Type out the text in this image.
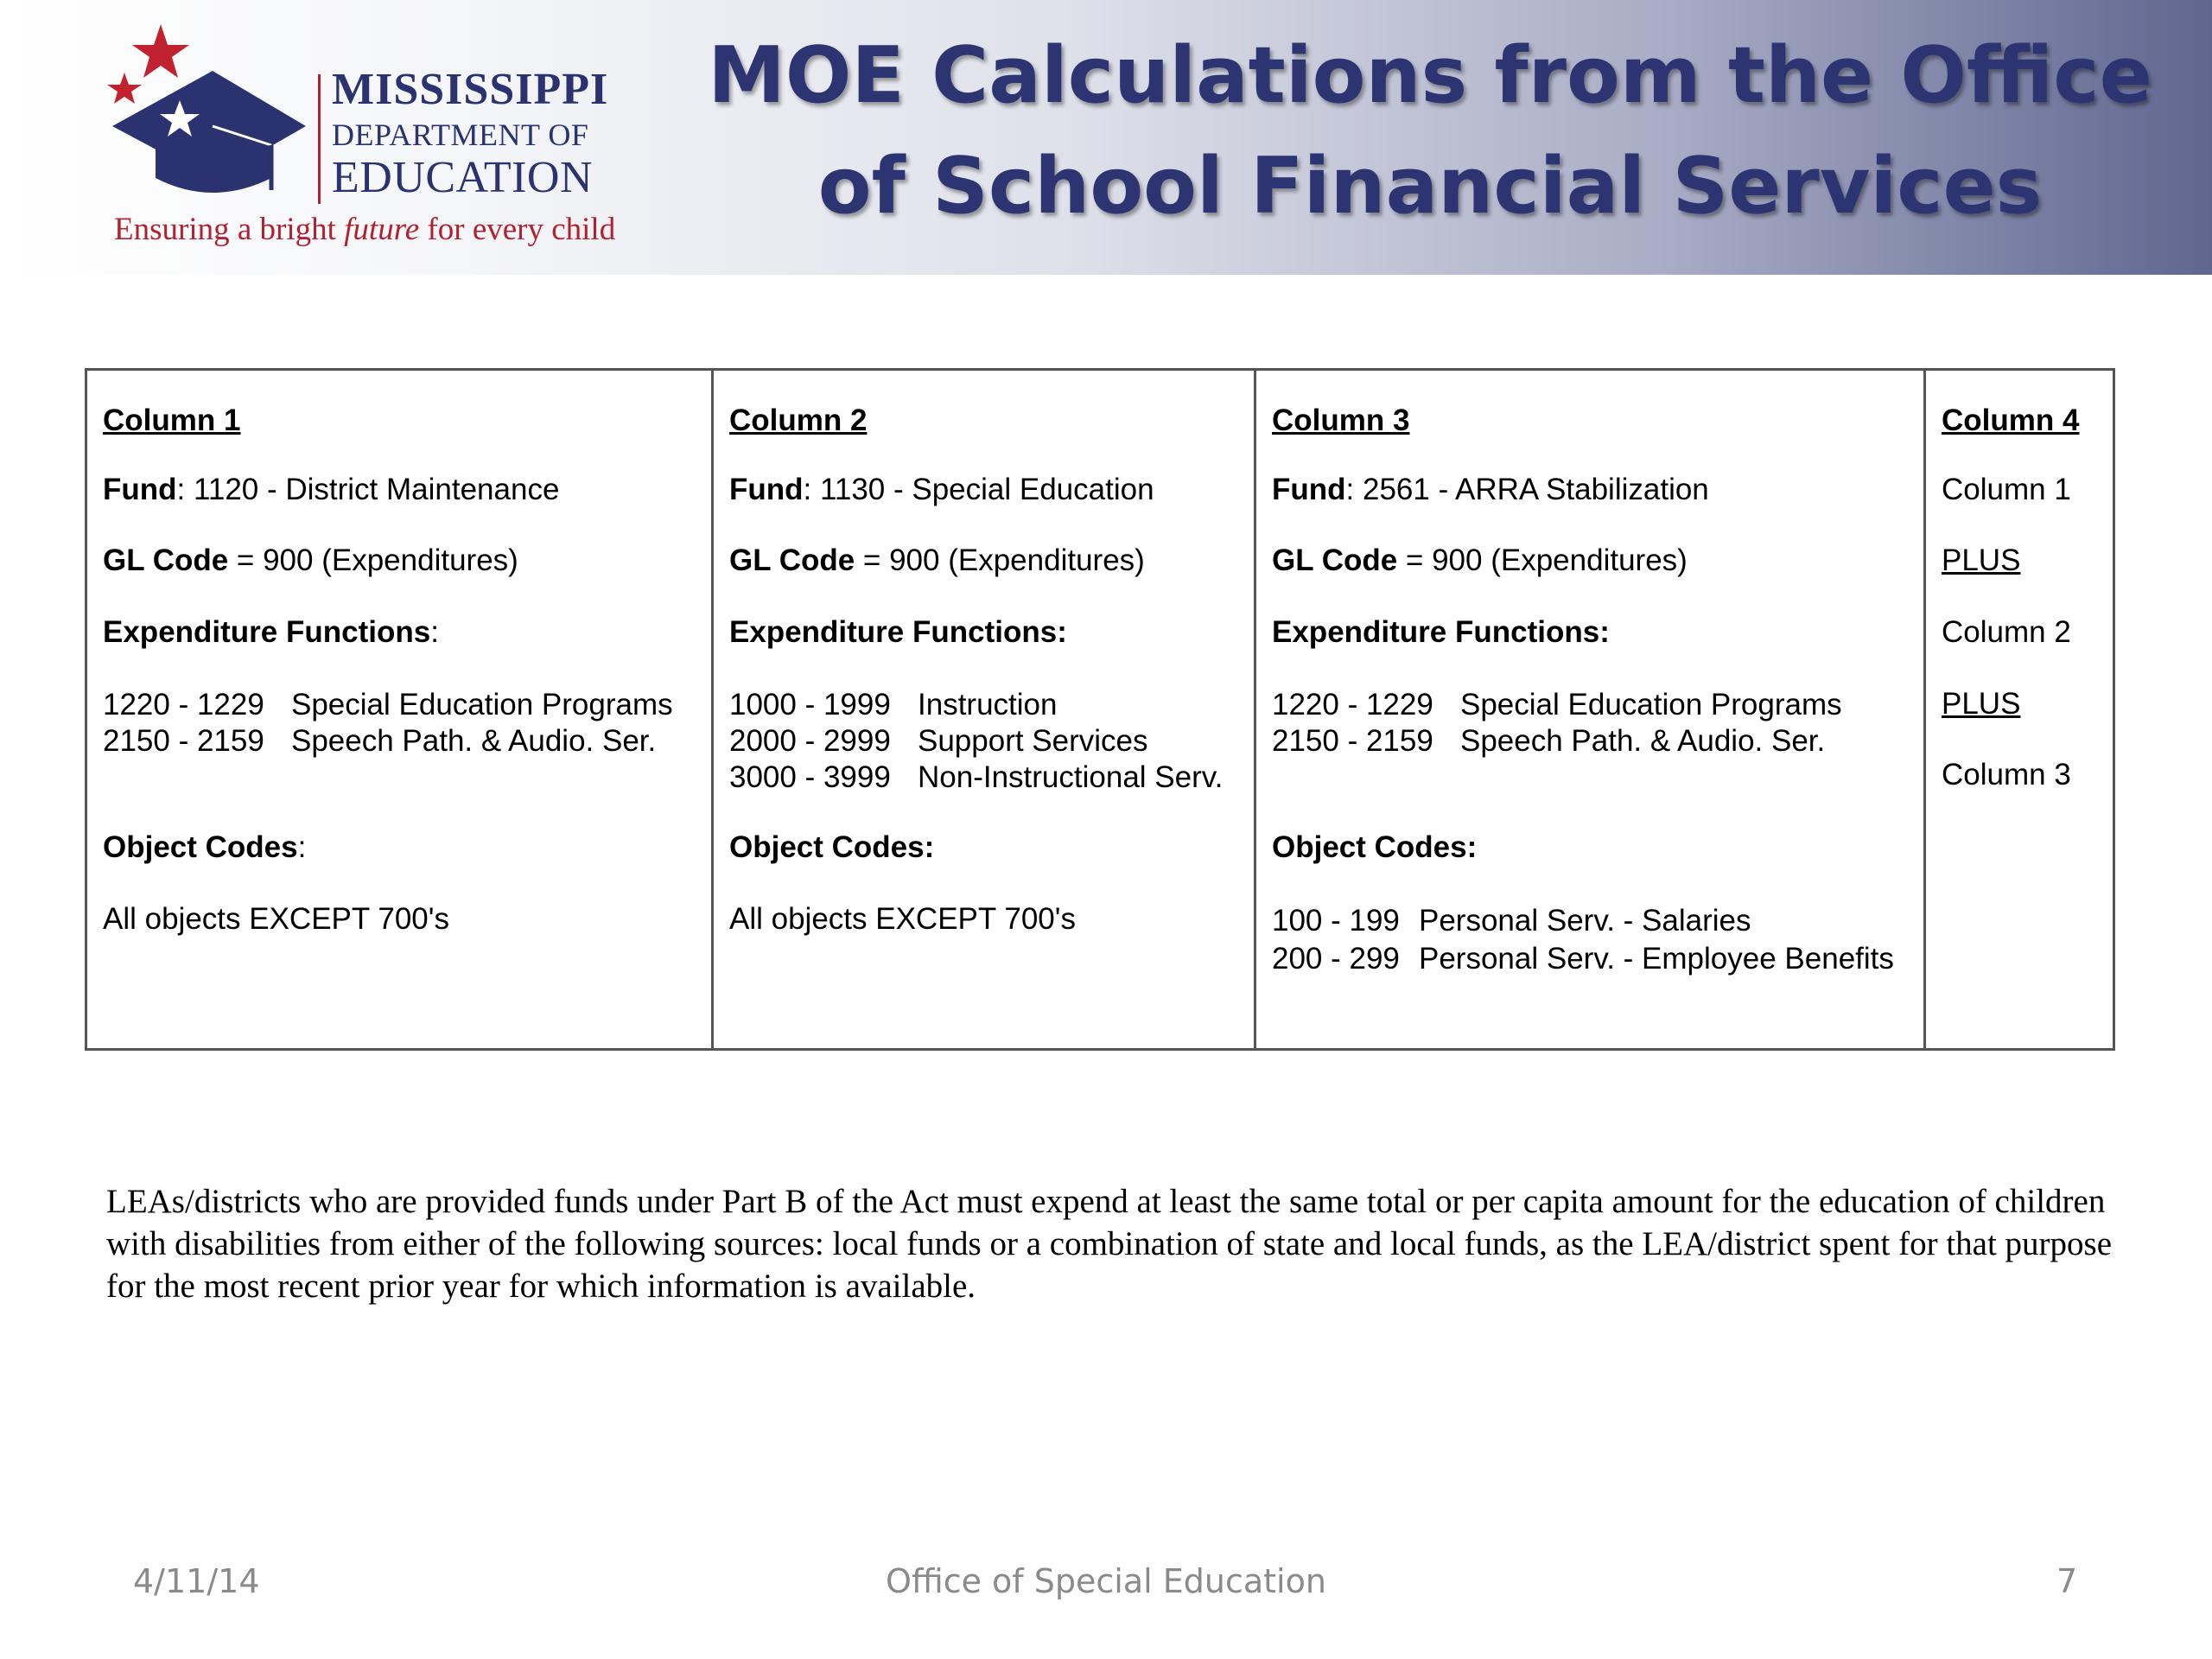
MISSISSIPPI
DEPARTMENT OF
EDUCATION
Ensuring a bright future for every child
MOE Calculations from the Office
of School Financial Services
Column 1
Fund: 1120 - District Maintenance
GL Code = 900 (Expenditures)
Expenditure Functions:
1220 - 1229 Special Education Programs
2150 - 2159 Speech Path. & Audio. Ser.
Object Codes:
All objects EXCEPT 700's
Column 2
Fund: 1130 - Special Education
GL Code = 900 (Expenditures)
Expenditure Functions:
1000 - 1999 Instruction
2000 - 2999 Support Services
3000 - 3999 Non-Instructional Serv.
Object Codes:
All objects EXCEPT 700's
Column 3
Fund: 2561 - ARRA Stabilization
GL Code = 900 (Expenditures)
Expenditure Functions:
1220 - 1229 Special Education Programs
2150 - 2159 Speech Path. & Audio. Ser.
Object Codes:
100 - 199 Personal Serv. - Salaries
200 - 299 Personal Serv. - Employee Benefits
Column 4
Column 1
PLUS
Column 2
PLUS
Column 3
LEAs/districts who are provided funds under Part B of the Act must expend at least the same total or per capita amount for the education of children with disabilities from either of the following sources: local funds or a combination of state and local funds, as the LEA/district spent for that purpose for the most recent prior year for which information is available.
4/11/14	Office of Special Education	7
